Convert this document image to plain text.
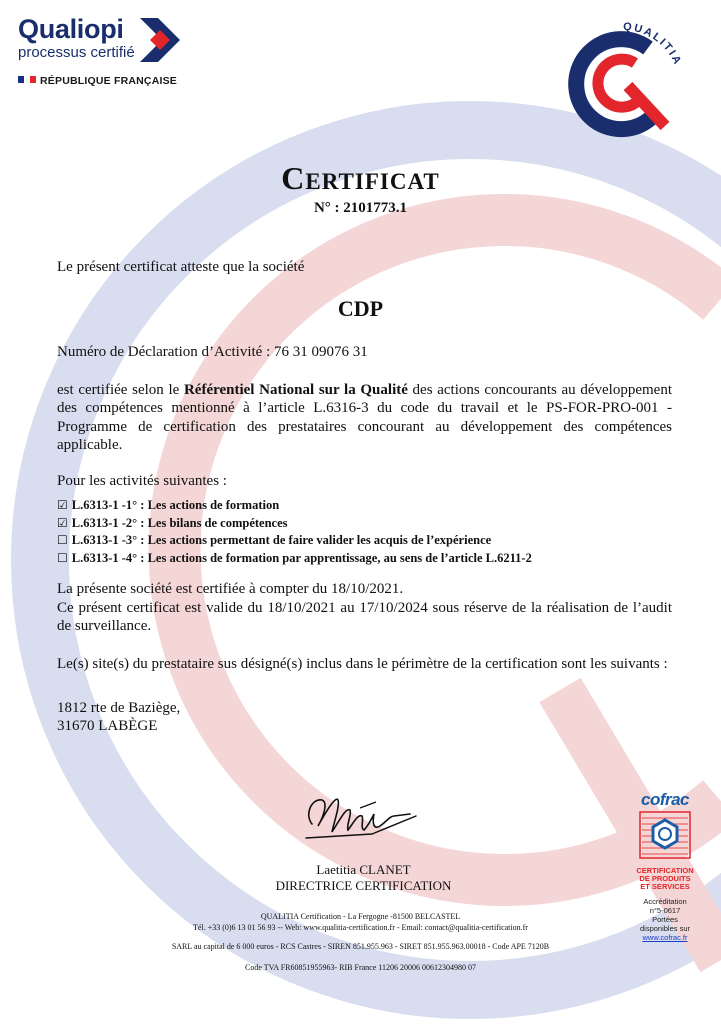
Qualiopi
processus certifié
RÉPUBLIQUE FRANÇAISE
QUALITIA
CERTIFICAT
N° : 2101773.1
Le présent certificat atteste que la société
CDP
Numéro de Déclaration d’Activité : 76 31 09076 31
est certifiée selon le Référentiel National sur la Qualité des actions concourants au développement des compétences mentionné à l’article L.6316-3 du code du travail et le PS-FOR-PRO-001 - Programme de certification des prestataires concourant au développement des compétences applicable.
Pour les activités suivantes :
☑ L.6313-1 -1° : Les actions de formation
☑ L.6313-1 -2° : Les bilans de compétences
☐ L.6313-1 -3° : Les actions permettant de faire valider les acquis de l’expérience
☐ L.6313-1 -4° : Les actions de formation par apprentissage, au sens de l’article L.6211-2
La présente société est certifiée à compter du 18/10/2021.
Ce présent certificat est valide du 18/10/2021 au 17/10/2024 sous réserve de la réalisation de l’audit de surveillance.
Le(s) site(s) du prestataire sus désigné(s) inclus dans le périmètre de la certification sont les suivants :
1812 rte de Baziège,
31670 LABÈGE
Laetitia CLANET
DIRECTRICE CERTIFICATION
QUALITIA Certification - La Fergogne -81500 BELCASTEL
Tél. +33 (0)6 13 01 56 93 -- Web: www.qualitia-certification.fr - Email: contact@qualitia-certification.fr
SARL au capital de 6 000 euros - RCS Castres - SIREN 851.955.963 - SIRET 851.955.963.00018 - Code APE 7120B
Code TVA FR60851955963- RIB France 11206 20006 00612304980 07
cofrac
CERTIFICATION
DE PRODUITS
ET SERVICES
Accréditation
n°5-0617
Portées
disponibles sur
www.cofrac.fr
